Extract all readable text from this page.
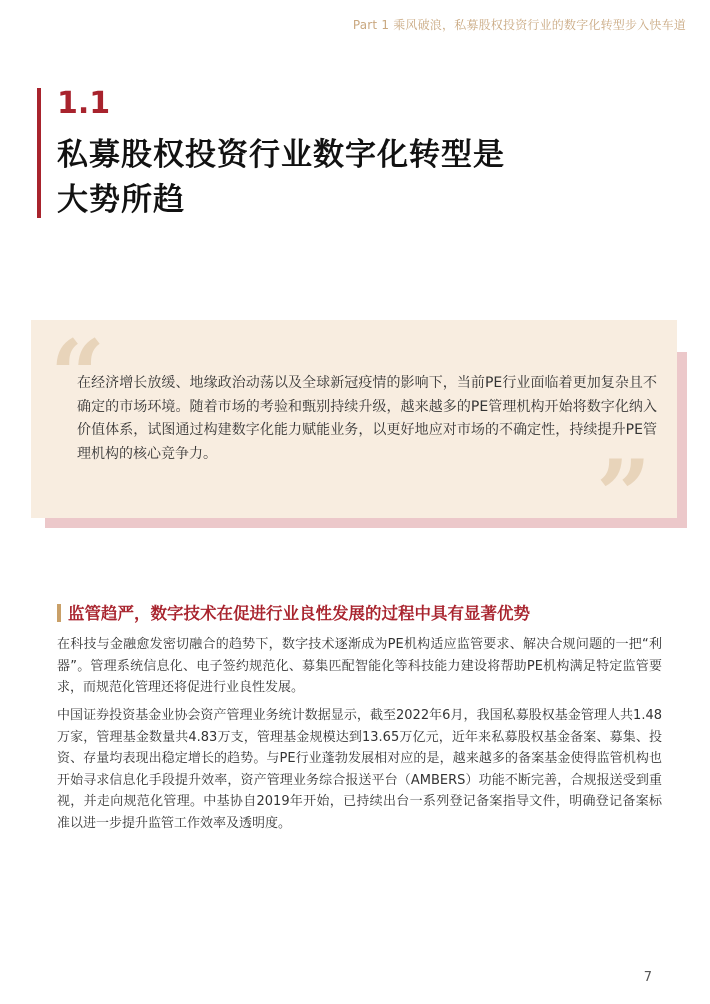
Part 1 乘风破浪，私募股权投资行业的数字化转型步入快车道
1.1
私募股权投资行业数字化转型是
大势所趋
“
”
在经济增长放缓、地缘政治动荡以及全球新冠疫情的影响下，当前PE行业面临着更加复杂且不确定的市场环境。随着市场的考验和甄别持续升级，越来越多的PE管理机构开始将数字化纳入价值体系，试图通过构建数字化能力赋能业务，以更好地应对市场的不确定性，持续提升PE管理机构的核心竞争力。
监管趋严，数字技术在促进行业良性发展的过程中具有显著优势
在科技与金融愈发密切融合的趋势下，数字技术逐渐成为PE机构适应监管要求、解决合规问题的一把“利器”。管理系统信息化、电子签约规范化、募集匹配智能化等科技能力建设将帮助PE机构满足特定监管要求，而规范化管理还将促进行业良性发展。
中国证券投资基金业协会资产管理业务统计数据显示，截至2022年6月，我国私募股权基金管理人共1.48万家，管理基金数量共4.83万支，管理基金规模达到13.65万亿元，近年来私募股权基金备案、募集、投资、存量均表现出稳定增长的趋势。与PE行业蓬勃发展相对应的是，越来越多的备案基金使得监管机构也开始寻求信息化手段提升效率，资产管理业务综合报送平台（AMBERS）功能不断完善，合规报送受到重视，并走向规范化管理。中基协自2019年开始，已持续出台一系列登记备案指导文件，明确登记备案标准以进一步提升监管工作效率及透明度。
7
